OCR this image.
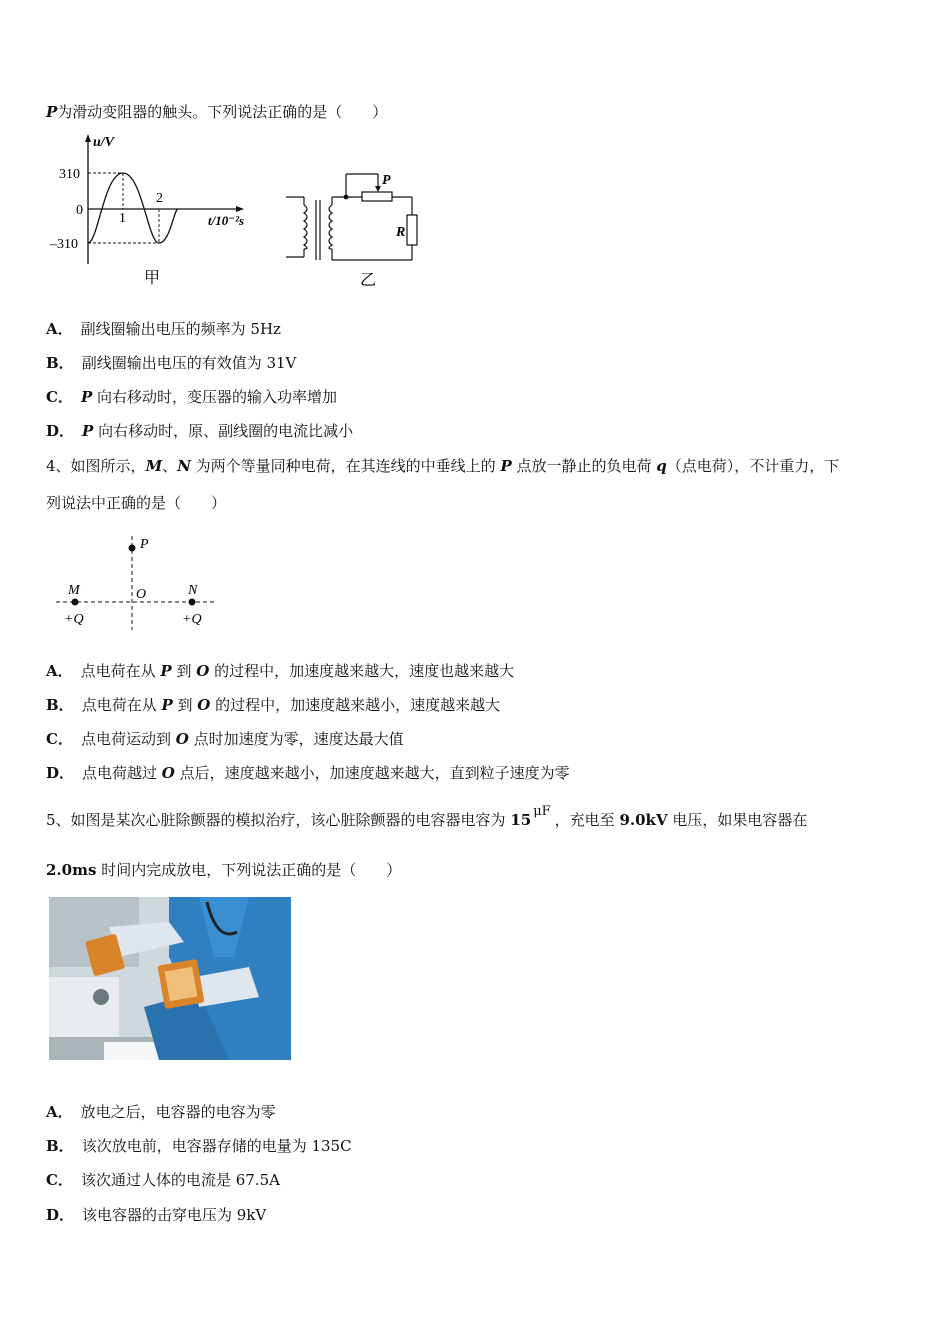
P为滑动变阻器的触头。下列说法正确的是（　　）
u/V
310
0
–310
1
2
t/10⁻²s
甲
P
R
乙
A． 副线圈输出电压的频率为 5Hz
B． 副线圈输出电压的有效值为 31V
C． P 向右移动时，变压器的输入功率增加
D． P 向右移动时，原、副线圈的电流比减小
4、如图所示，M、N 为两个等量同种电荷，在其连线的中垂线上的 P 点放一静止的负电荷 q（点电荷），不计重力，下
列说法中正确的是（　　）
P
M	O	N
+Q	+Q
A． 点电荷在从 P 到 O 的过程中，加速度越来越大，速度也越来越大
B． 点电荷在从 P 到 O 的过程中，加速度越来越小，速度越来越大
C． 点电荷运动到 O 点时加速度为零，速度达最大值
D． 点电荷越过 O 点后，速度越来越小，加速度越来越大，直到粒子速度为零
5、如图是某次心脏除颤器的模拟治疗，该心脏除颤器的电容器电容为 15 μF ，充电至 9.0kV 电压，如果电容器在
2.0ms 时间内完成放电，下列说法正确的是（　　）
A． 放电之后，电容器的电容为零
B． 该次放电前，电容器存储的电量为 135C
C． 该次通过人体的电流是 67.5A
D． 该电容器的击穿电压为 9kV
